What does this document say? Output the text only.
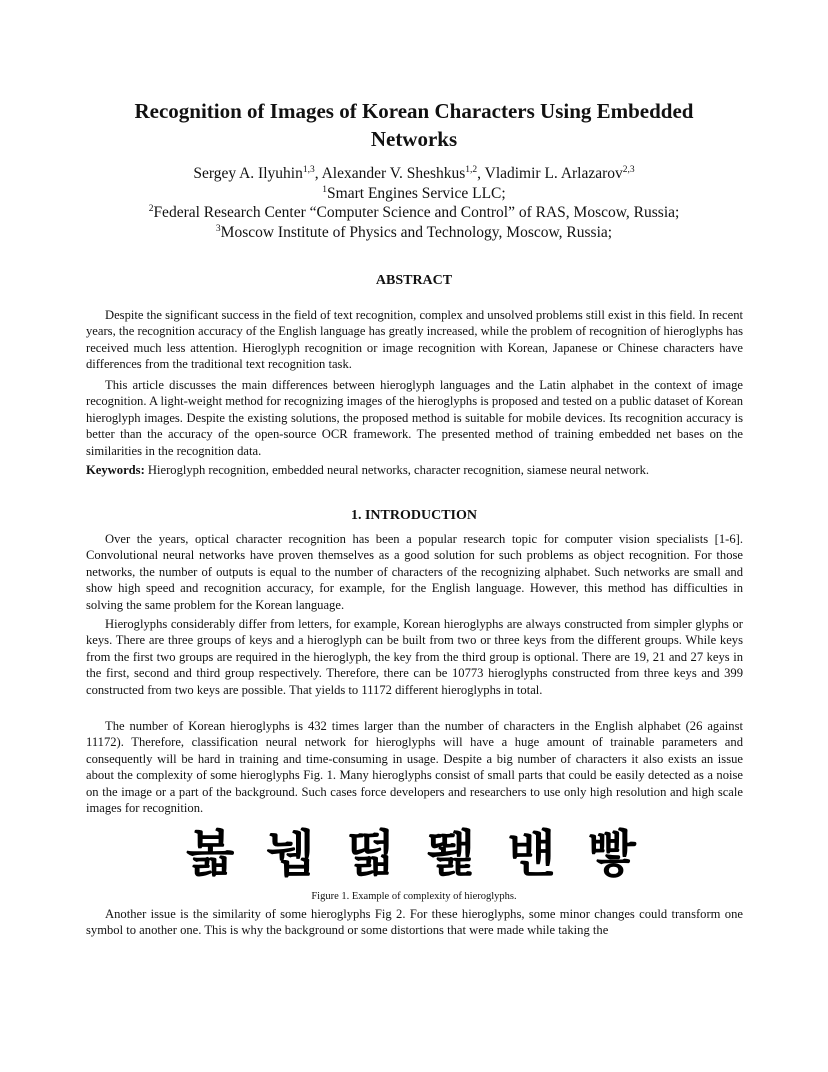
Recognition of Images of Korean Characters Using Embedded
Networks
Sergey A. Ilyuhin$^{1,3}$, Alexander V. Sheshkus$^{1,2}$, Vladimir L. Arlazarov$^{2,3}$
$^1$Smart Engines Service LLC;
$^2$Federal Research Center “Computer Science and Control” of RAS, Moscow, Russia;
$^3$Moscow Institute of Physics and Technology, Moscow, Russia;
ABSTRACT

Despite the significant success in the field of text recognition, complex and unsolved problems still exist in this field. In recent years, the recognition accuracy of the English language has greatly increased, while the problem of recognition of hieroglyphs has received much less attention. Hieroglyph recognition or image recognition with Korean, Japanese or Chinese characters have differences from the traditional text recognition task.

This article discusses the main differences between hieroglyph languages and the Latin alphabet in the context of image recognition. A light-weight method for recognizing images of the hieroglyphs is proposed and tested on a public dataset of Korean hieroglyph images. Despite the existing solutions, the proposed method is suitable for mobile devices. Its recognition accuracy is better than the accuracy of the open-source OCR framework. The presented method of training embedded net bases on the similarities in the recognition data.

Keywords: Hieroglyph recognition, embedded neural networks, character recognition, siamese neural network.

1. INTRODUCTION

Over the years, optical character recognition has been a popular research topic for computer vision specialists [1-6]. Convolutional neural networks have proven themselves as a good solution for such problems as object recognition. For those networks, the number of outputs is equal to the number of characters of the recognizing alphabet. Such networks are small and show high speed and recognition accuracy, for example, for the English language. However, this method has difficulties in solving the same problem for the Korean language.

Hieroglyphs considerably differ from letters, for example, Korean hieroglyphs are always constructed from simpler glyphs or keys. There are three groups of keys and a hieroglyph can be built from two or three keys from the different groups. While keys from the first two groups are required in the hieroglyph, the key from the third group is optional. There are 19, 21 and 27 keys in the first, second and third group respectively. Therefore, there can be 10773 hieroglyphs constructed from three keys and 399 constructed from two keys are possible. That yields to 11172 different hieroglyphs in total.

The number of Korean hieroglyphs is 432 times larger than the number of characters in the English alphabet (26 against 11172). Therefore, classification neural network for hieroglyphs will have a huge amount of trainable parameters and consequently will be hard in training and time-consuming in usage. Despite a big number of characters it also exists an issue about the complexity of some hieroglyphs Fig. 1. Many hieroglyphs consist of small parts that could be easily detected as a noise on the image or a part of the background. Such cases force developers and researchers to use only high resolution and high scale images for recognition.

볿 뉍 떫 뙕 뱬 빻
Figure 1. Example of complexity of hieroglyphs.

Another issue is the similarity of some hieroglyphs Fig 2. For these hieroglyphs, some minor changes could transform one symbol to another one. This is why the background or some distortions that were made while taking the
